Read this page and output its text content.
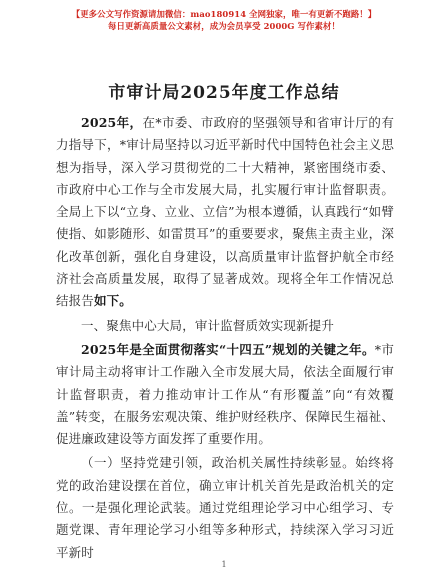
【更多公文写作资源请加微信：mao180914 全网独家，唯一有更新不跑路！】
每日更新高质量公文素材，成为会员享受 2000G 写作素材！
市审计局2025年度工作总结

2025年，在*市委、市政府的坚强领导和省审计厅的有力指导下，*审计局坚持以习近平新时代中国特色社会主义思想为指导，深入学习贯彻党的二十大精神，紧密围绕市委、市政府中心工作与全市发展大局，扎实履行审计监督职责。全局上下以“立身、立业、立信”为根本遵循，认真践行“如臂使指、如影随形、如雷贯耳”的重要要求，聚焦主责主业，深化改革创新，强化自身建设，以高质量审计监督护航全市经济社会高质量发展，取得了显著成效。现将全年工作情况总结报告如下。

一、聚焦中心大局，审计监督质效实现新提升

2025年是全面贯彻落实“十四五”规划的关键之年。*市审计局主动将审计工作融入全市发展大局，依法全面履行审计监督职责，着力推动审计工作从“有形覆盖”向“有效覆盖”转变，在服务宏观决策、维护财经秩序、保障民生福祉、促进廉政建设等方面发挥了重要作用。

（一）坚持党建引领，政治机关属性持续彰显。始终将党的政治建设摆在首位，确立审计机关首先是政治机关的定位。一是强化理论武装。通过党组理论学习中心组学习、专题党课、青年理论学习小组等多种形式，持续深入学习习近平新时

1
